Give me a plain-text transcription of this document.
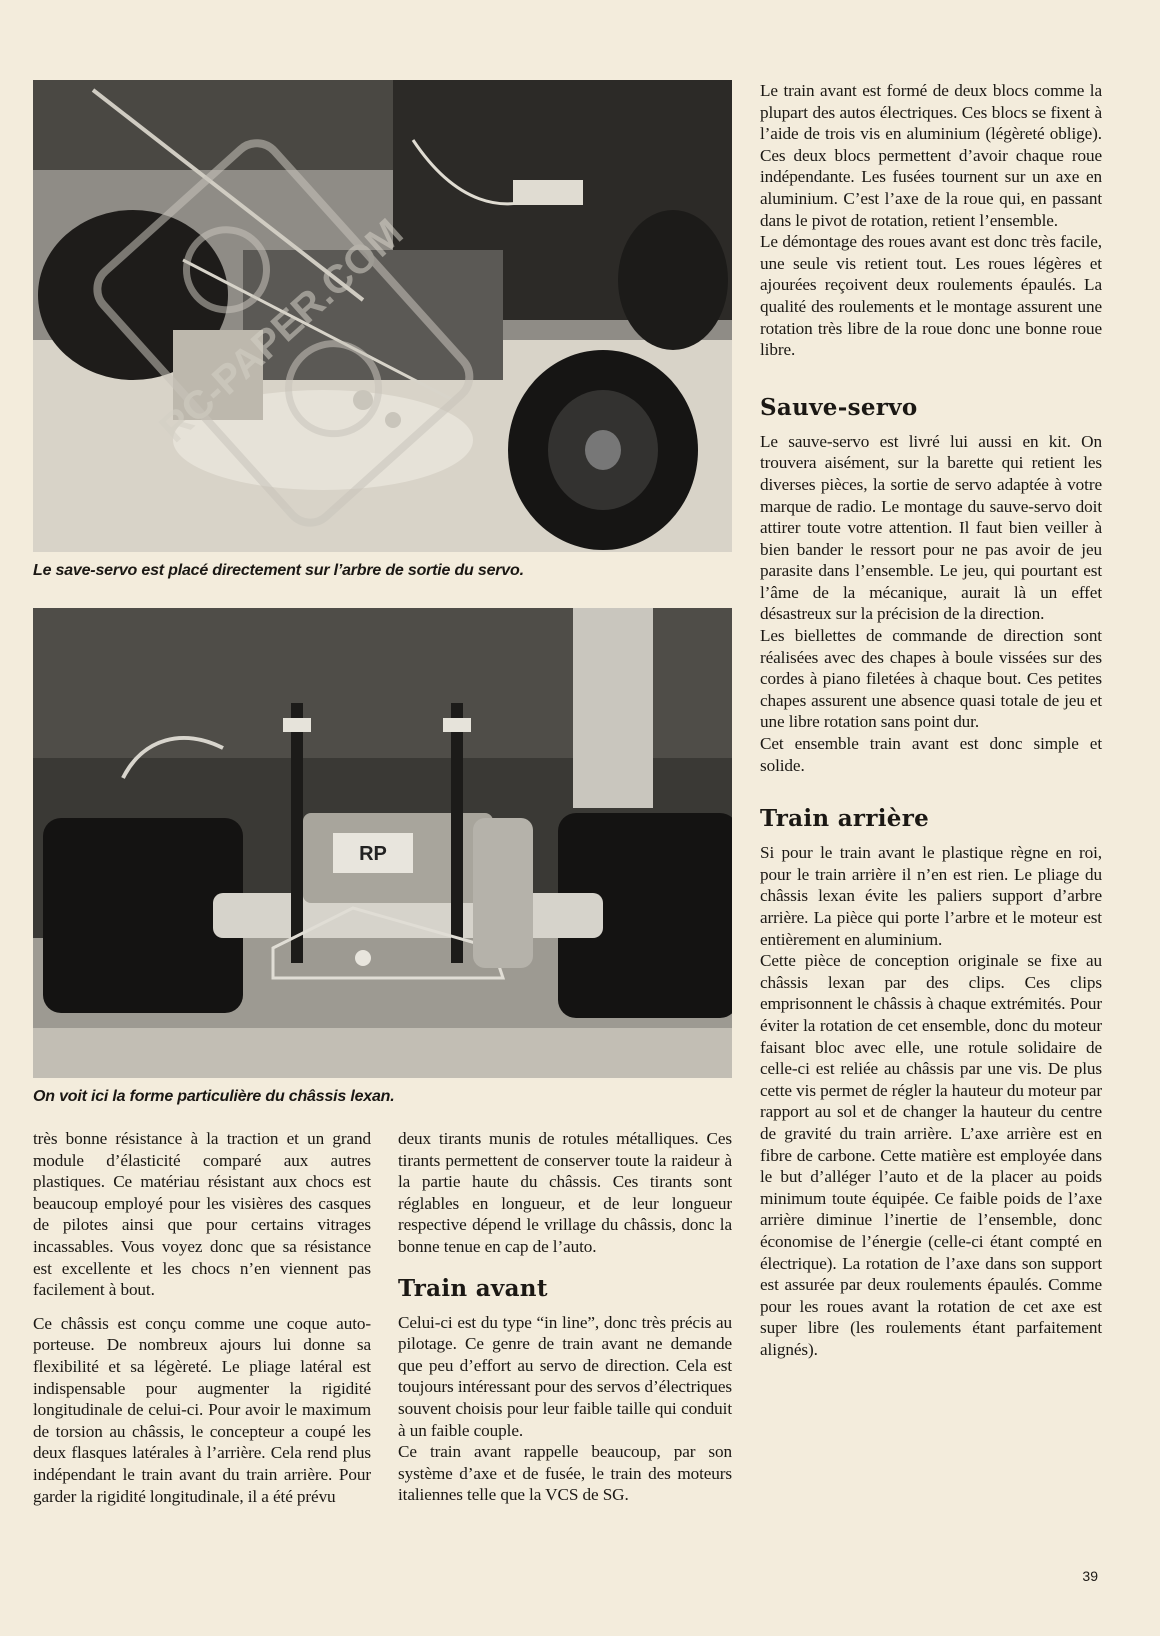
RC-PAPER.COM
Le save-servo est placé directement sur l’arbre de sortie du servo.
RP
On voit ici la forme particulière du châssis lexan.

très bonne résistance à la traction et un grand module d’élasticité comparé aux autres plastiques. Ce matériau résistant aux chocs est beaucoup employé pour les visières des casques de pilotes ainsi que pour certains vitrages incassables. Vous voyez donc que sa résistance est excellente et les chocs n’en viennent pas facilement à bout.

Ce châssis est conçu comme une coque auto-porteuse. De nombreux ajours lui donne sa flexibilité et sa légèreté. Le pliage latéral est indispensable pour augmenter la rigidité longitudinale de celui-ci. Pour avoir le maximum de torsion au châssis, le concepteur a coupé les deux flasques latérales à l’arrière. Cela rend plus indépendant le train avant du train arrière. Pour garder la rigidité longitudinale, il a été prévu

deux tirants munis de rotules métalliques. Ces tirants permettent de conserver toute la raideur à la partie haute du châssis. Ces tirants sont réglables en longueur, et de leur longueur respective dépend le vrillage du châssis, donc la bonne tenue en cap de l’auto.

Train avant

Celui-ci est du type “in line”, donc très précis au pilotage. Ce genre de train avant ne demande que peu d’effort au servo de direction. Cela est toujours intéressant pour des servos d’électriques souvent choisis pour leur faible taille qui conduit à un faible couple.
Ce train avant rappelle beaucoup, par son système d’axe et de fusée, le train des moteurs italiennes telle que la VCS de SG.

Le train avant est formé de deux blocs comme la plupart des autos électriques. Ces blocs se fixent à l’aide de trois vis en aluminium (légèreté oblige). Ces deux blocs permettent d’avoir chaque roue indépendante. Les fusées tournent sur un axe en aluminium. C’est l’axe de la roue qui, en passant dans le pivot de rotation, retient l’ensemble.
Le démontage des roues avant est donc très facile, une seule vis retient tout. Les roues légères et ajourées reçoivent deux roulements épaulés. La qualité des roulements et le montage assurent une rotation très libre de la roue donc une bonne roue libre.

Sauve-servo

Le sauve-servo est livré lui aussi en kit. On trouvera aisément, sur la barette qui retient les diverses pièces, la sortie de servo adaptée à votre marque de radio. Le montage du sauve-servo doit attirer toute votre attention. Il faut bien veiller à bien bander le ressort pour ne pas avoir de jeu parasite dans l’ensemble. Le jeu, qui pourtant est l’âme de la mécanique, aurait là un effet désastreux sur la précision de la direction.
Les biellettes de commande de direction sont réalisées avec des chapes à boule vissées sur des cordes à piano filetées à chaque bout. Ces petites chapes assurent une absence quasi totale de jeu et une libre rotation sans point dur.
Cet ensemble train avant est donc simple et solide.

Train arrière

Si pour le train avant le plastique règne en roi, pour le train arrière il n’en est rien. Le pliage du châssis lexan évite les paliers support d’arbre arrière. La pièce qui porte l’arbre et le moteur est entièrement en aluminium.
Cette pièce de conception originale se fixe au châssis lexan par des clips. Ces clips emprisonnent le châssis à chaque extrémités. Pour éviter la rotation de cet ensemble, donc du moteur faisant bloc avec elle, une rotule solidaire de celle-ci est reliée au châssis par une vis. De plus cette vis permet de régler la hauteur du moteur par rapport au sol et de changer la hauteur du centre de gravité du train arrière. L’axe arrière est en fibre de carbone. Cette matière est employée dans le but d’alléger l’auto et de la placer au poids minimum toute équipée. Ce faible poids de l’axe arrière diminue l’inertie de l’ensemble, donc économise de l’énergie (celle-ci étant compté en électrique). La rotation de l’axe dans son support est assurée par deux roulements épaulés. Comme pour les roues avant la rotation de cet axe est super libre (les roulements étant parfaitement alignés).

39
